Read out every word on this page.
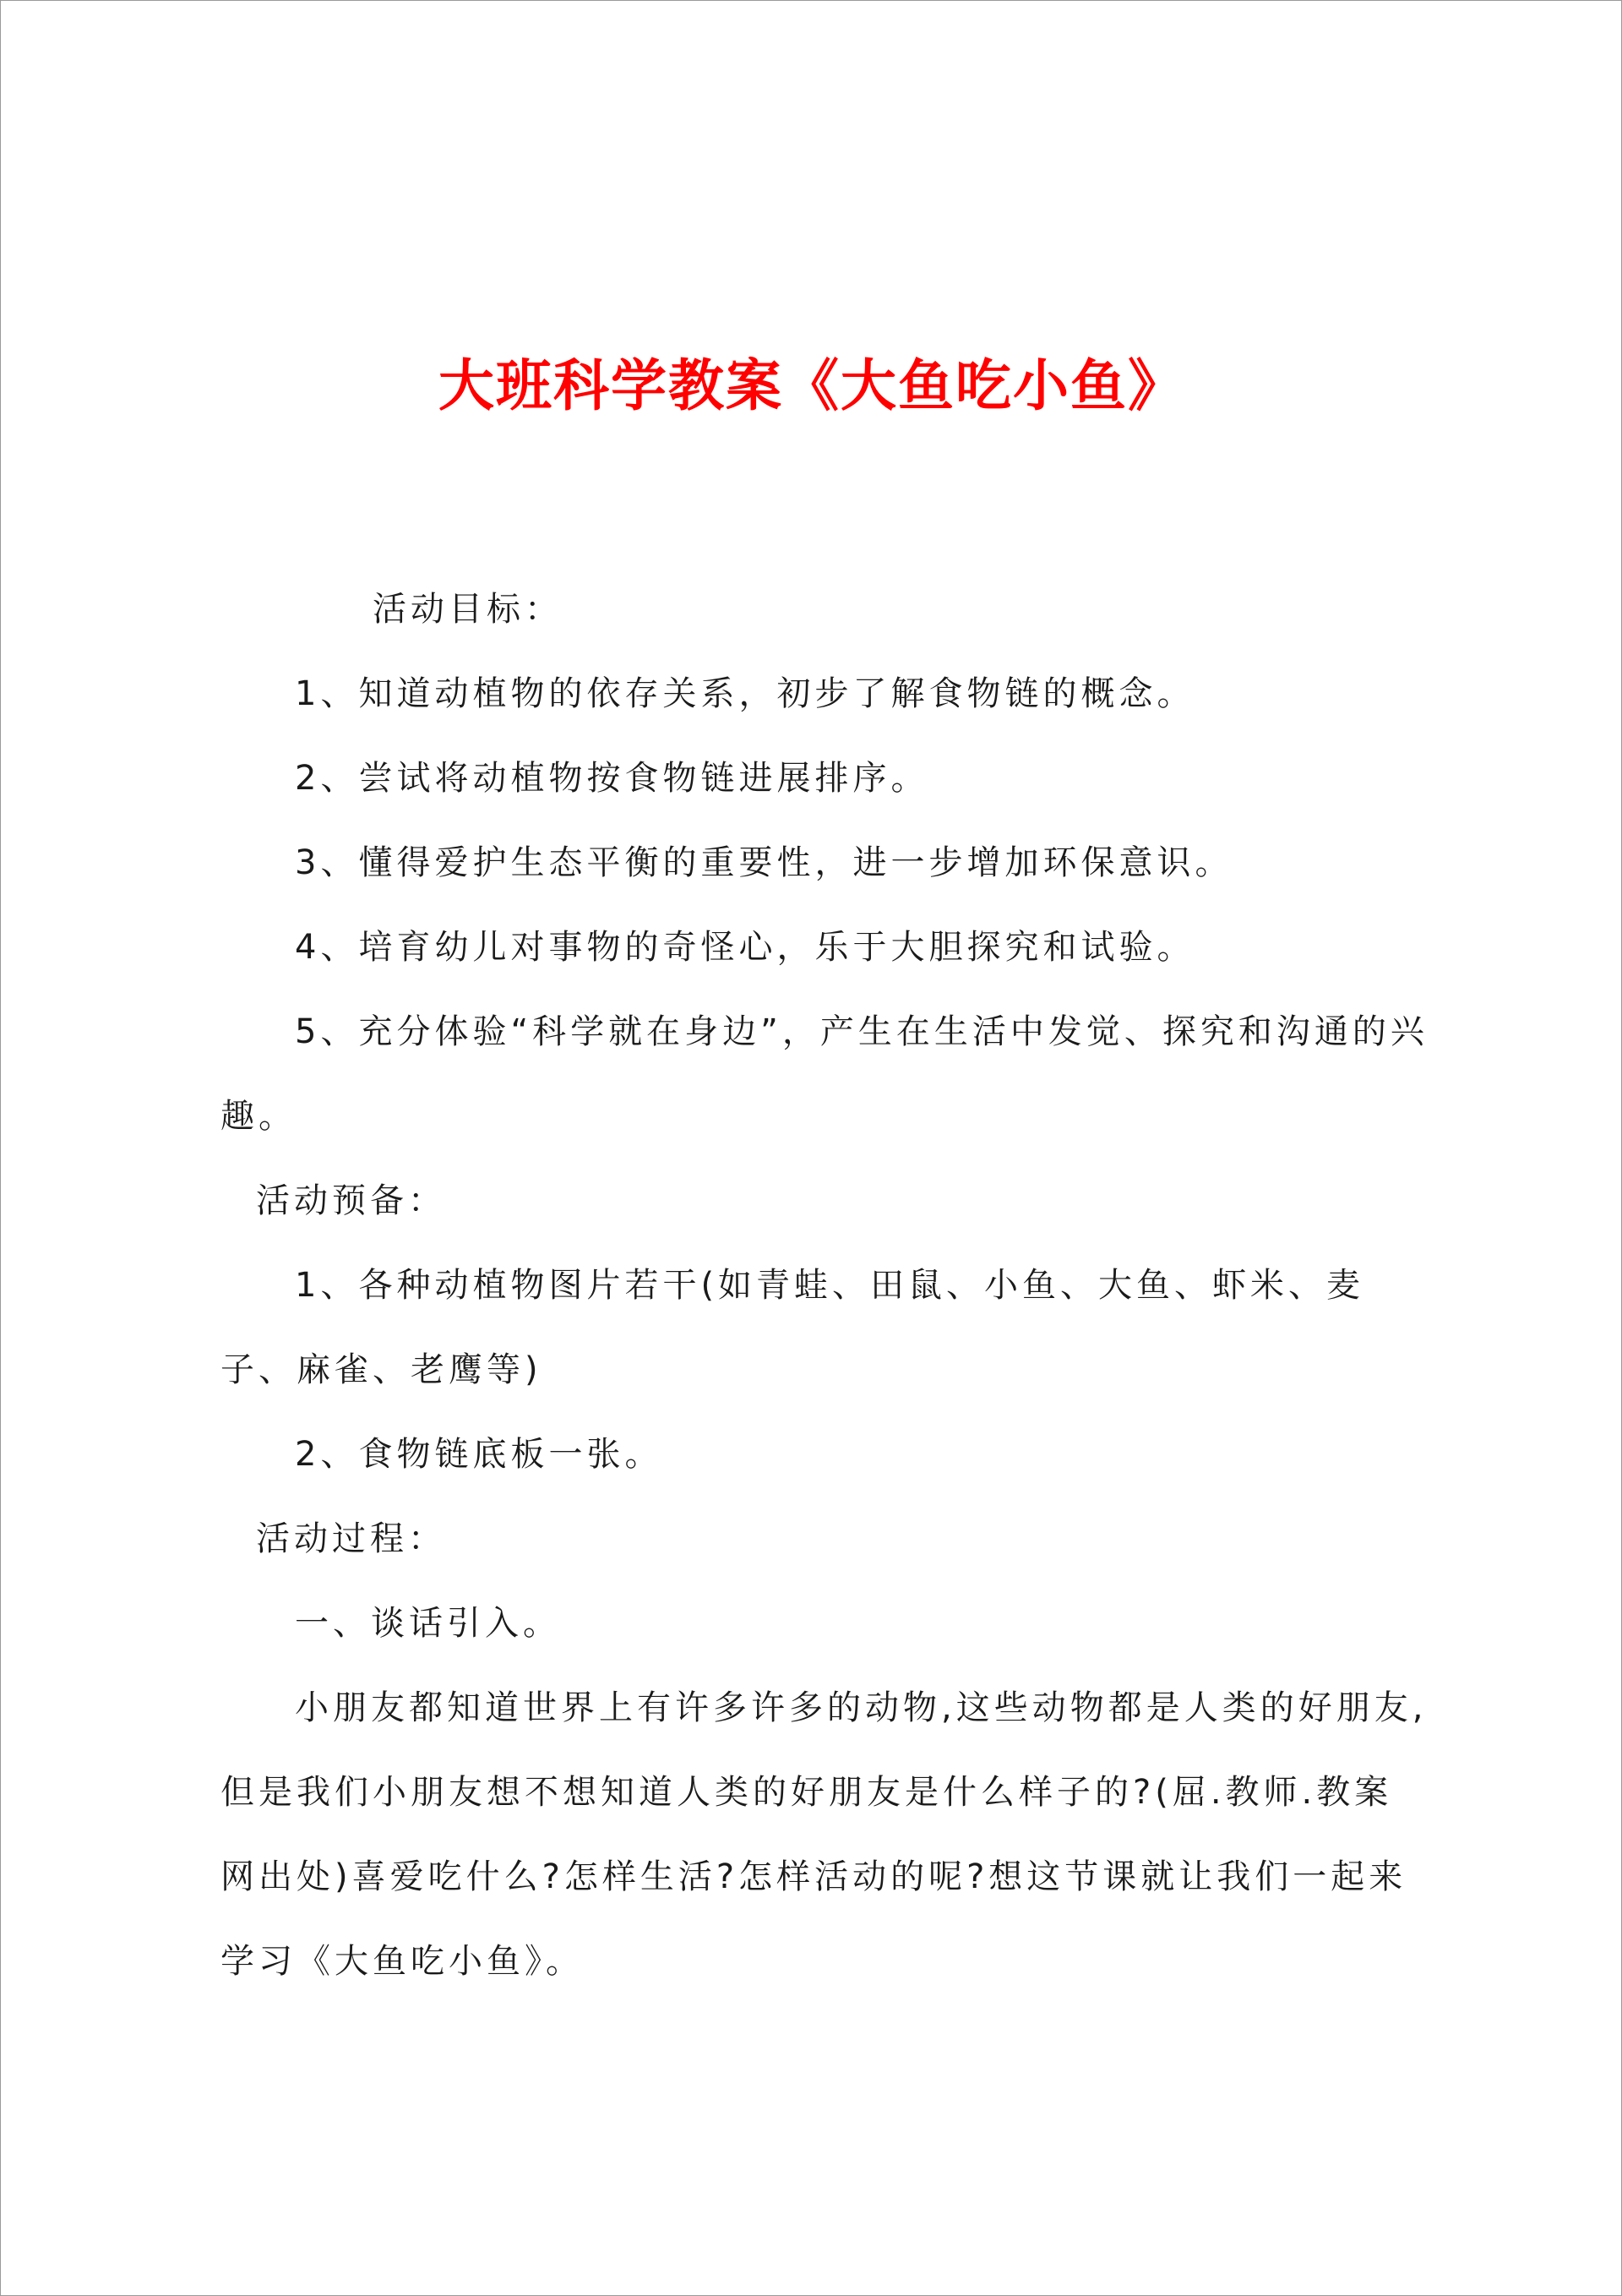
大班科学教案《大鱼吃小鱼》

活动目标：

1、知道动植物的依存关系，初步了解食物链的概念。

2、尝试将动植物按食物链进展排序。

3、懂得爱护生态平衡的重要性，进一步增加环保意识。

4、培育幼儿对事物的奇怪心，乐于大胆探究和试验。

5、充分体验“科学就在身边”，产生在生活中发觉、探究和沟通的兴趣。

活动预备：

1、各种动植物图片若干(如青蛙、田鼠、小鱼、大鱼、虾米、麦子、麻雀、老鹰等)

2、食物链底板一张。

活动过程：

一、谈话引入。

小朋友都知道世界上有许多许多的动物,这些动物都是人类的好朋友,但是我们小朋友想不想知道人类的好朋友是什么样子的?(屈.教师.教案网出处)喜爱吃什么?怎样生活?怎样活动的呢?想这节课就让我们一起来学习《大鱼吃小鱼》。
